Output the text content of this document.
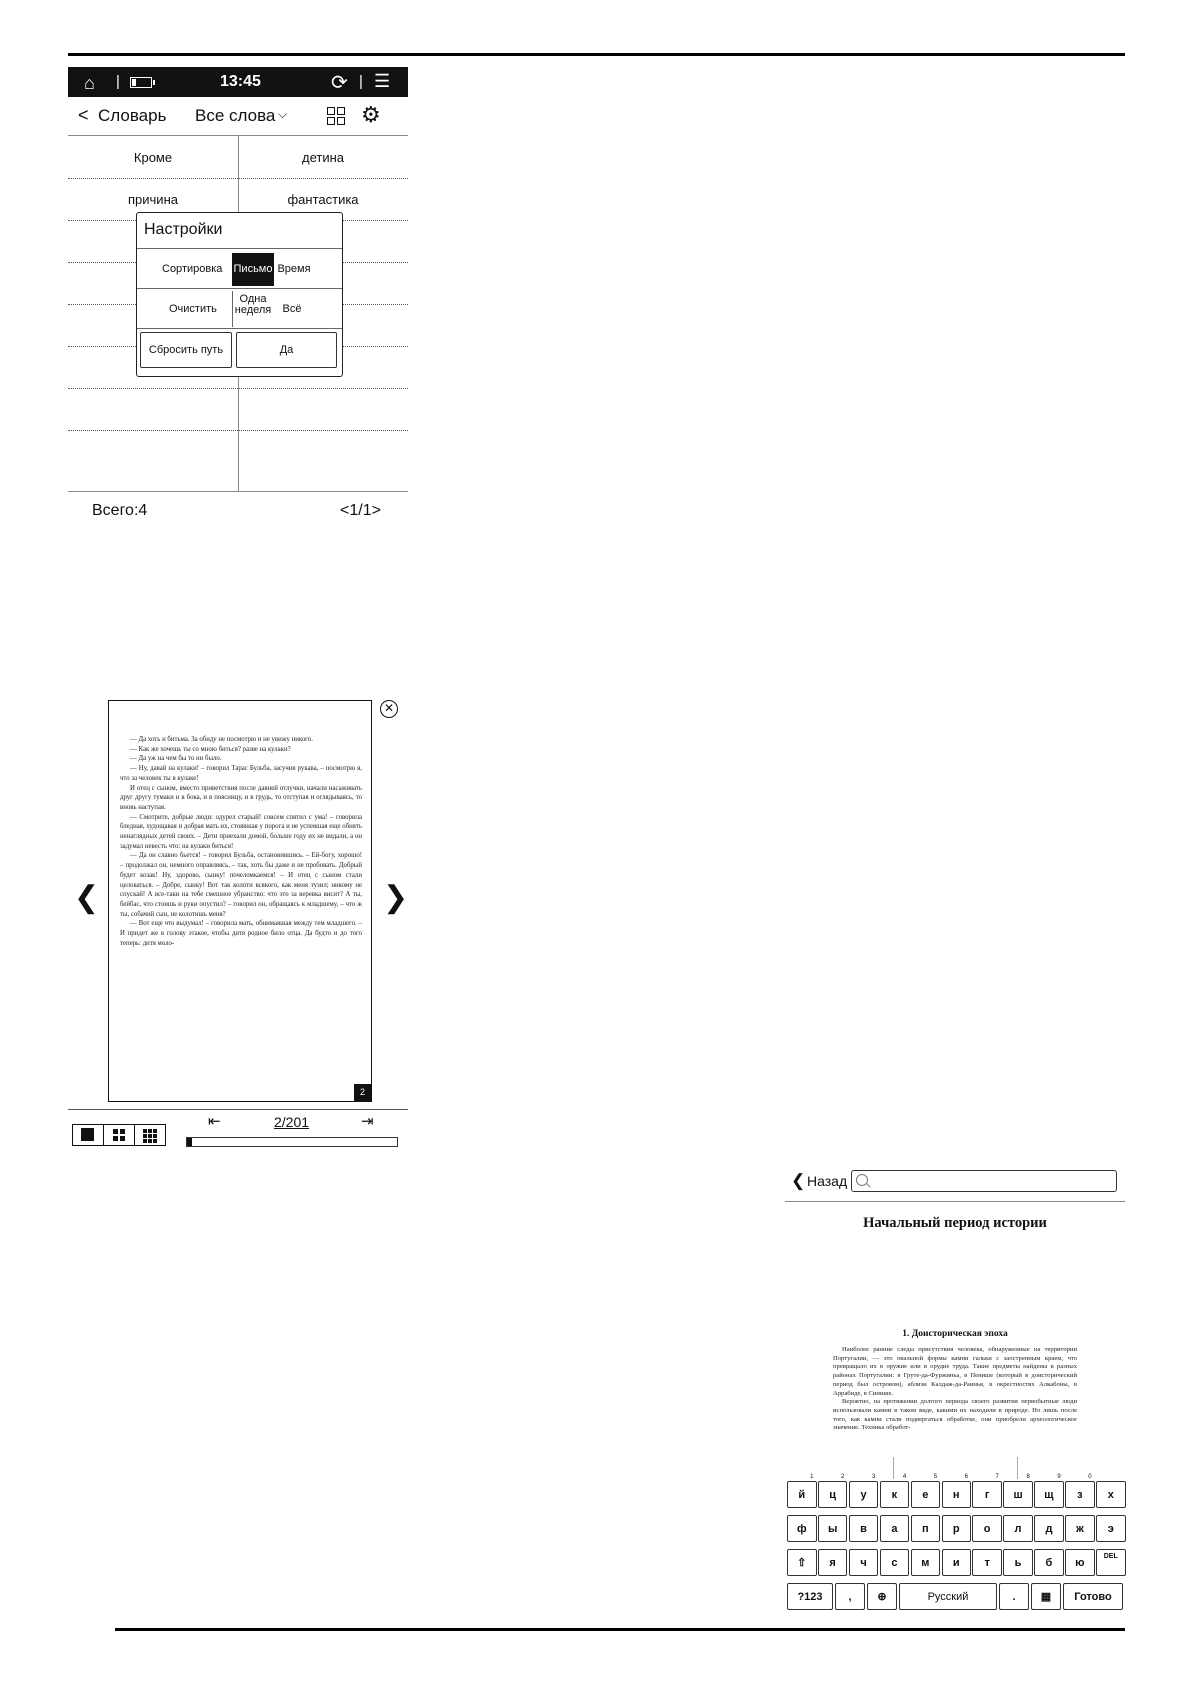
⌂ |	13:45	⟳ | ☰
< Словарь Все слова ⌵	⚙
Кроме	детина
причина	фантастика
Настройки
Сортировка Письмо Время
Очистить
Одна неделя Всё
Сбросить путь	Да
Всего:4	<1/1>

— Да хоть и битьма. За обиду не посмотрю и не увижу никого.

— Как же хочешь ты со мною биться? разве на кулаки?

— Да уж на чем бы то ни было.

— Ну, давай на кулаки! – говорил Тарас Бульба, засучив рукава, – посмотрю я, что за человек ты в кулаке!

И отец с сыном, вместо приветствия после давней отлучки, начали насаживать друг другу тумаки и в бока, и в поясницу, и в грудь, то отступая и оглядываясь, то вновь наступая.

— Смотрите, добрые люди: одурел старый! совсем спятил с ума! – говорила бледная, худощавая и добрая мать их, стоявшая у порога и не успевшая еще обнять ненаглядных детей своих. – Дети приехали домой, больше году их не видали, а он задумал невесть что: на кулаки биться!

— Да он славно бьется! – говорил Бульба, остановившись. – Ей-богу, хорошо! – продолжал он, немного оправляясь, – так, хоть бы даже и не пробовать. Добрый будет козак! Ну, здорово, сынку! почеломкаемся! – И отец с сыном стали целоваться. – Добре, сынку! Вот так колоти всякого, как меня тузил; никому не спускай! А все-таки на тебе смешное убранство: что это за веревка висит? А ты, бейбас, что стоишь и руки опустил? – говорил он, обращаясь к младшему, – что ж ты, собачий сын, не колотишь меня?

— Вот еще что выдумал! – говорила мать, обнимавшая между тем младшего. – И придет же в голову этакое, чтобы дитя родное било отца. Да будто и до того теперь: дитя моло-

2
✕
❮	❯
⇤	2/201	⇥
❮ Назад
Начальный период истории
1. Доисторическая эпоха

Наиболее ранние следы присутствия человека, обнаруженные на территории Португалии, — это овальной формы камни гальки с заостренным краем, что превращало их в оружие или в орудие труда. Такие предметы найдены в разных районах Португалии: в Груте-да-Фуржиньа, в Пенише (который в доисторический период был островом), аблизи Калдаж-да-Раинья, в окрестностях Алкабоны, в Аррабиде, в Синише.

Вероятно, на протяжении долгого периода своего развития первобытные люди использовали камни в таком виде, какими их находили в природе. Но лишь после того, как камни стали подвергаться обработке, они приобрели археологическое значение. Техника обработ-

й
1
ц
2
у
3
к
4
е
5
н
6
г
7
ш
8
щ
9
з
0
х
ф	ы	в	а	п	р	о	л	д	ж	э
⇧	я	ч	с	м	и	т	ь	б	ю
DEL
?123	,	⊕	Русский	.	▦	Готово
